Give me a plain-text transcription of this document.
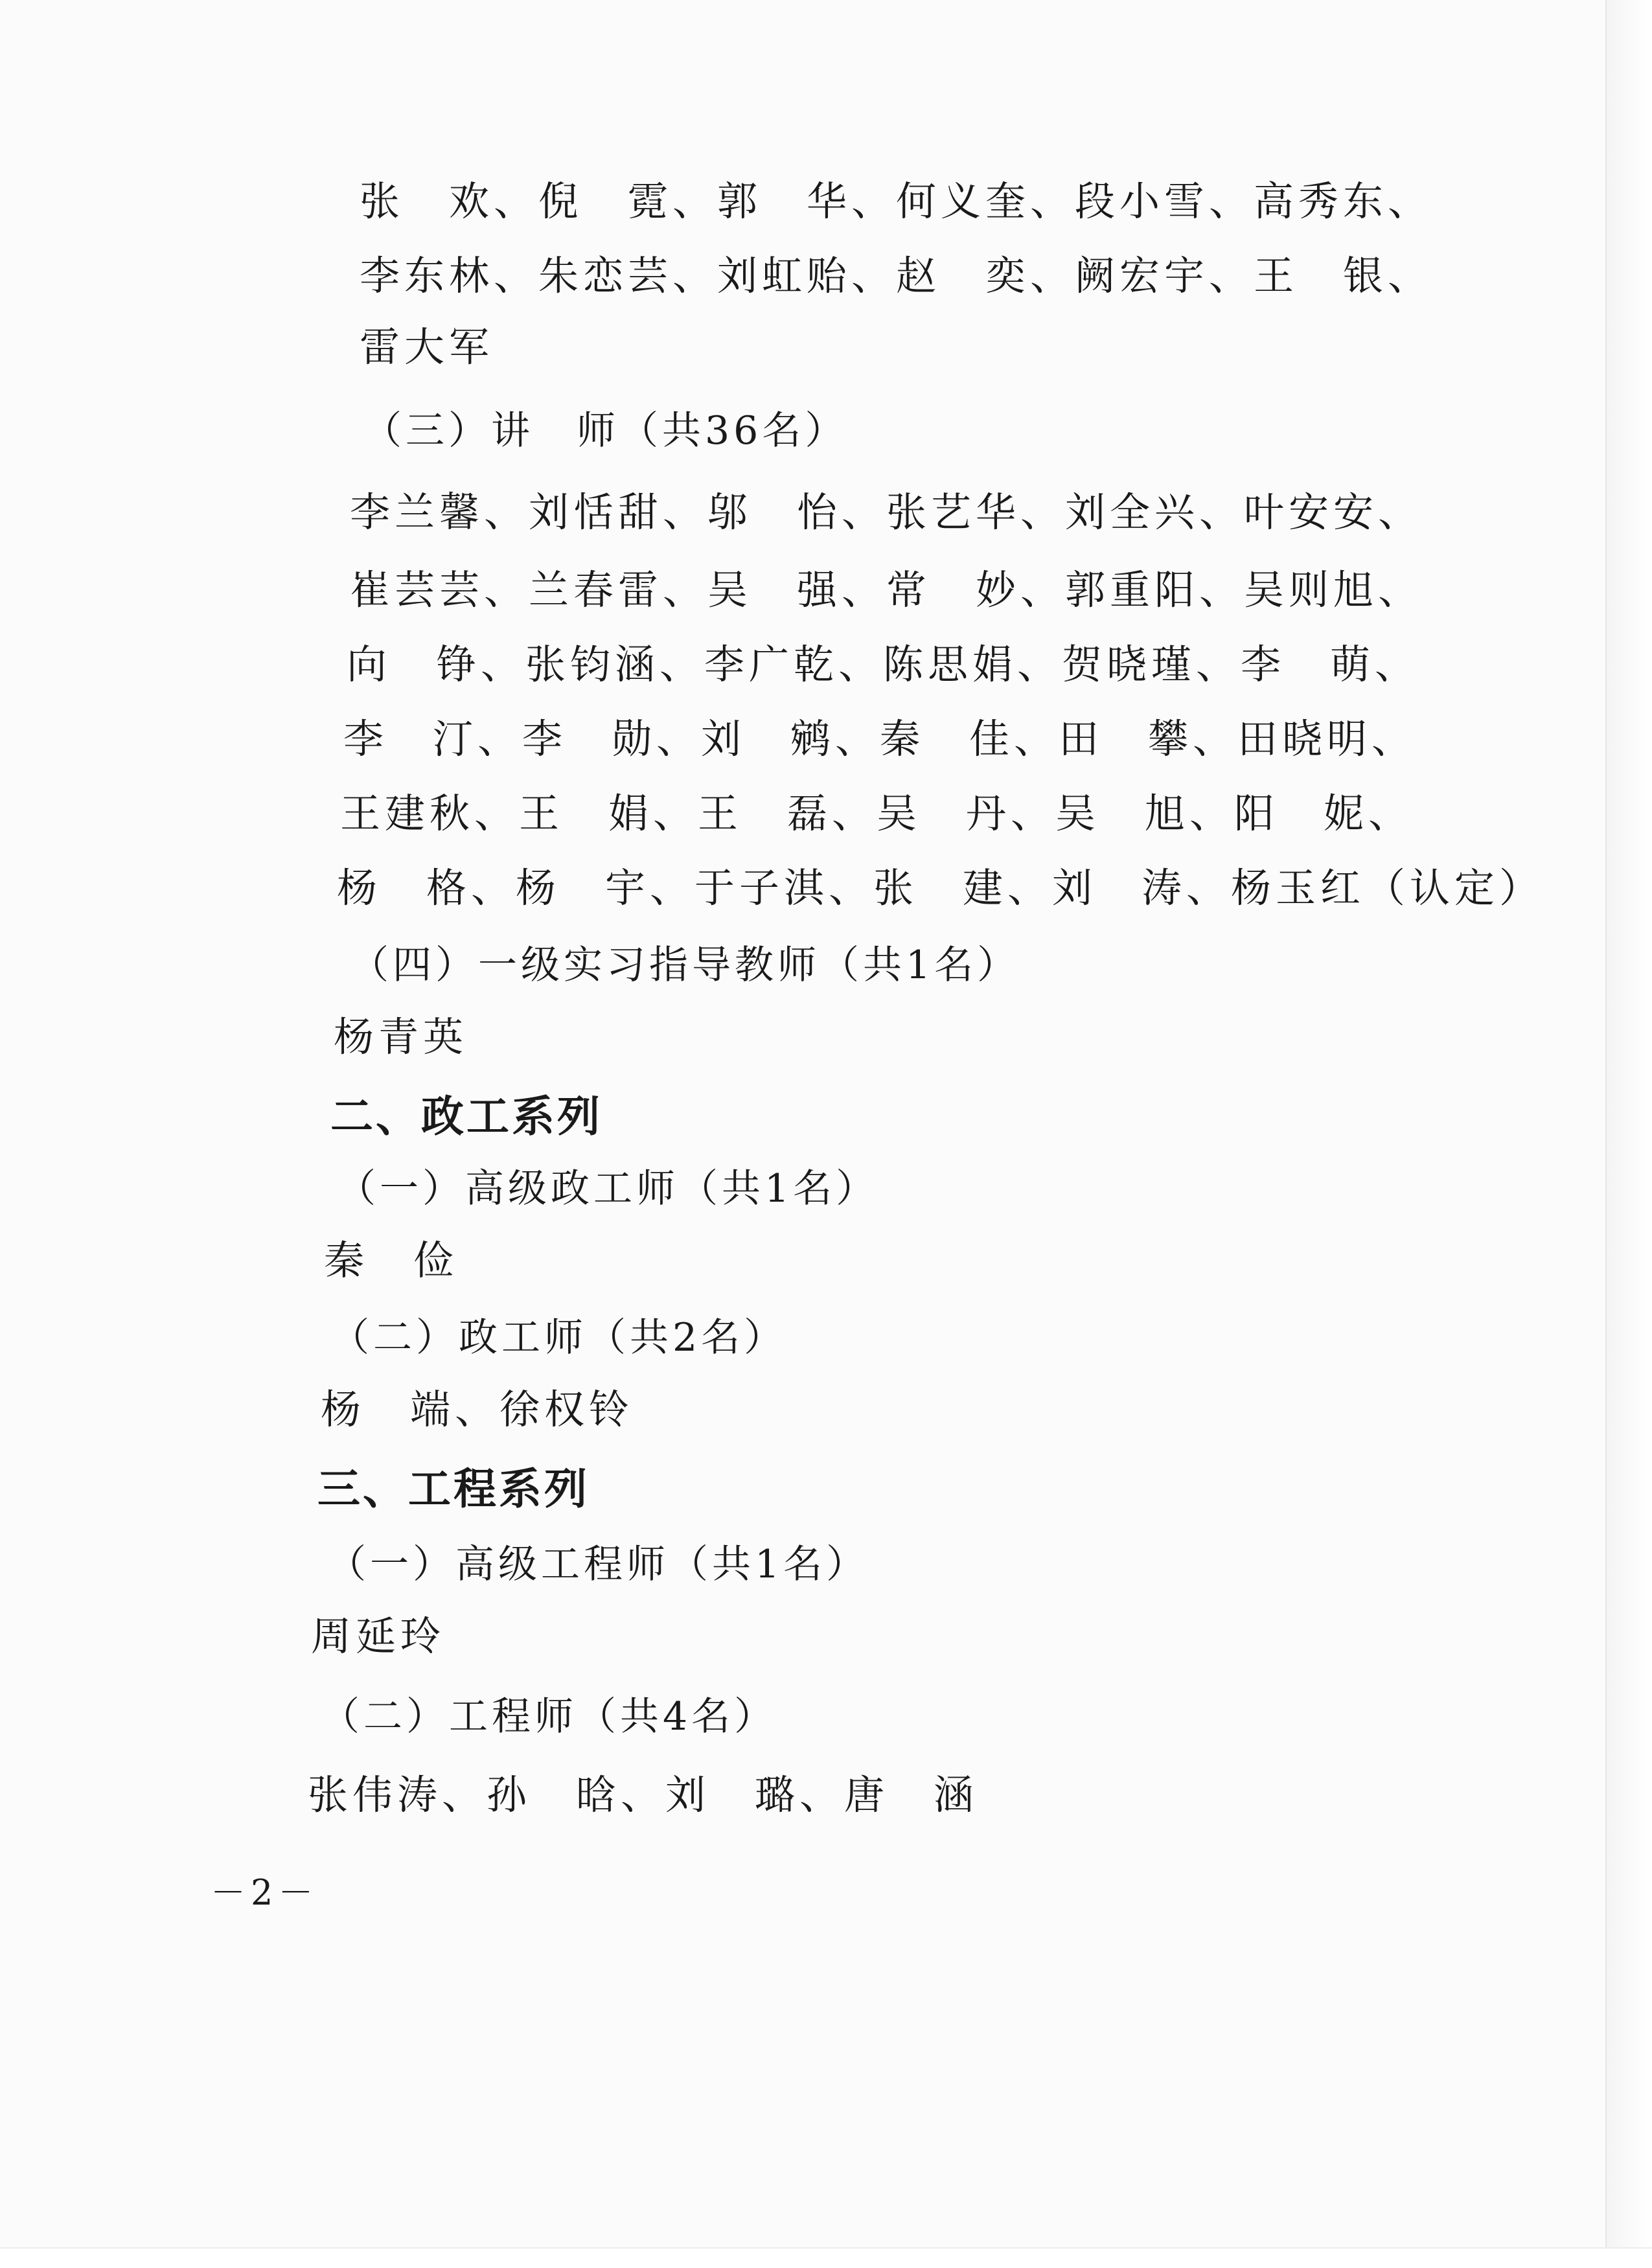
张　欢、倪　霓、郭　华、何义奎、段小雪、高秀东、
李东林、朱恋芸、刘虹贻、赵　奕、阙宏宇、王　银、
雷大军
（三）讲　师（共36名）
李兰馨、刘恬甜、邬　怡、张艺华、刘全兴、叶安安、
崔芸芸、兰春雷、吴　强、常　妙、郭重阳、吴则旭、
向　铮、张钧涵、李广乾、陈思娟、贺晓瑾、李　萌、
李　汀、李　勋、刘　鹓、秦　佳、田　攀、田晓明、
王建秋、王　娟、王　磊、吴　丹、吴　旭、阳　妮、
杨　格、杨　宇、于子淇、张　建、刘　涛、杨玉红（认定）
（四）一级实习指导教师（共1名）
杨青英
二、政工系列
（一）高级政工师（共1名）
秦　俭
（二）政工师（共2名）
杨　端、徐权铃
三、工程系列
（一）高级工程师（共1名）
周延玲
（二）工程师（共4名）
张伟涛、孙　晗、刘　璐、唐　涵
－2－
